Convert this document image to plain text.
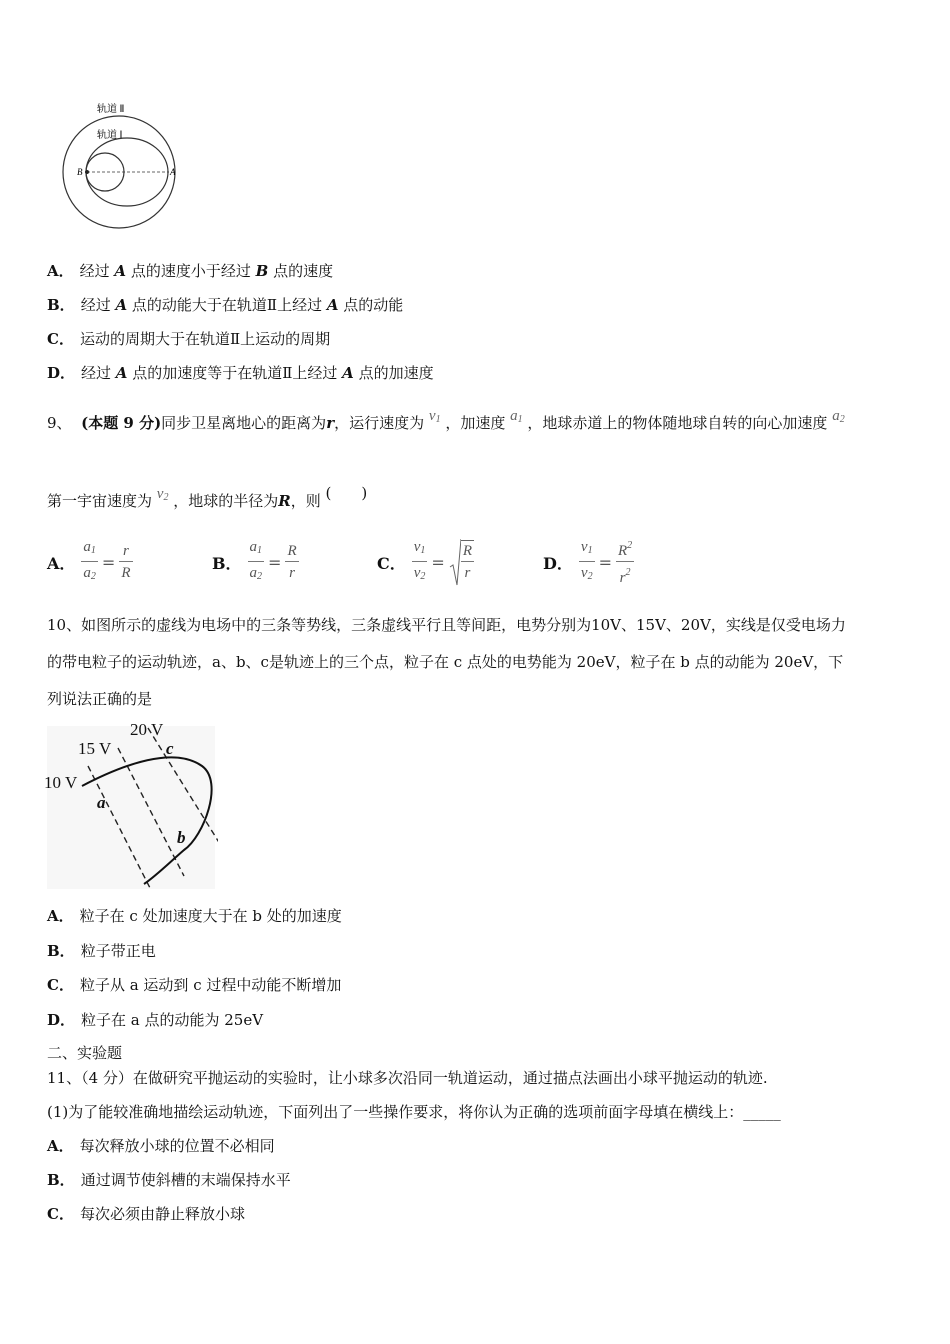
轨道 Ⅱ
轨道 Ⅰ
B	A
A． 经过 A 点的速度小于经过 B 点的速度
B． 经过 A 点的动能大于在轨道Ⅱ上经过 A 点的动能
C． 运动的周期大于在轨道Ⅱ上运动的周期
D． 经过 A 点的加速度等于在轨道Ⅱ上经过 A 点的加速度
9、 (本题 9 分)同步卫星离地心的距离为r，运行速度为 $v_1$ ，加速度 $a_1$ ，地球赤道上的物体随地球自转的向心加速度 $a_2$
第一宇宙速度为 $v_2$ ，地球的半径为R，则 (　　)
A． $\frac{a_1}{a_2} = \frac{r}{R}$	B． $\frac{a_1}{a_2} = \frac{R}{r}$	C． $\frac{v_1}{v_2} = \frac{R}{r}$	D． $\frac{v_1}{v_2} = \frac{R^2}{r^2}$
10、如图所示的虚线为电场中的三条等势线，三条虚线平行且等间距，电势分别为10V、15V、20V，实线是仅受电场力
的带电粒子的运动轨迹，a、b、c是轨迹上的三个点，粒子在 c 点处的电势能为 20eV，粒子在 b 点的动能为 20eV，下
列说法正确的是
20 V
15 V
10 V
a
b
c
A． 粒子在 c 处加速度大于在 b 处的加速度
B． 粒子带正电
C． 粒子从 a 运动到 c 过程中动能不断增加
D． 粒子在 a 点的动能为 25eV
二、实验题
11、（4 分）在做研究平抛运动的实验时，让小球多次沿同一轨道运动，通过描点法画出小球平抛运动的轨迹.
(1)为了能较准确地描绘运动轨迹，下面列出了一些操作要求，将你认为正确的选项前面字母填在横线上：_____
A． 每次释放小球的位置不必相同
B． 通过调节使斜槽的末端保持水平
C． 每次必须由静止释放小球
